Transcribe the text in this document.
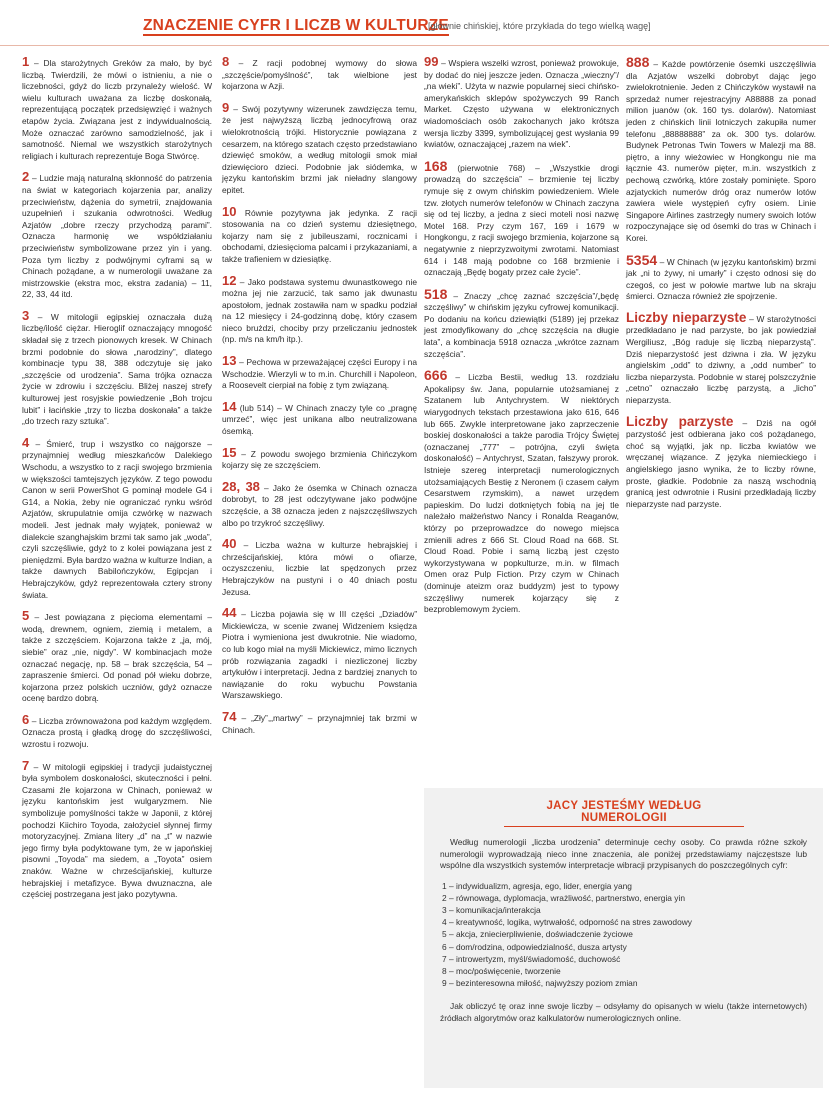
ZNACZENIE CYFR I LICZB W KULTURZE
[głównie chińskiej, które przykłada do tego wielką wagę]

1 – Dla starożytnych Greków za mało, by być liczbą. Twierdzili, że mówi o istnieniu, a nie o liczebności, gdyż do liczb przynależy wielość. W wielu kulturach uważana za liczbę doskonałą, reprezentującą początek przedsięwzięć i ważnych etapów życia. Związana jest z indywidualnością. Może oznaczać zarówno samodzielność, jak i samotność. Niemal we wszystkich starożytnych religiach i kulturach reprezentuje Boga Stwórcę.

2 – Ludzie mają naturalną skłonność do patrzenia na świat w kategoriach kojarzenia par, analizy przeciwieństw, dążenia do symetrii, znajdowania uzupełnień i szukania odwrotności. Według Azjatów „dobre rzeczy przychodzą parami”. Oznacza harmonię we współdziałaniu przeciwieństw symbolizowane przez yin i yang. Poza tym liczby z podwójnymi cyframi są w Chinach pożądane, a w numerologii uważane za mistrzowskie (ekstra moc, ekstra zadania) – 11, 22, 33, 44 itd.

3 – W mitologii egipskiej oznaczała dużą liczbę/ilość ciężar. Hieroglif oznaczający mnogość składał się z trzech pionowych kresek. W Chinach brzmi podobnie do słowa „narodziny”, dlatego kombinacje typu 38, 388 odczytuje się jako „szczęście od urodzenia”. Sama trójka oznacza życie w zdrowiu i szczęściu. Bliżej naszej strefy kulturowej jest rosyjskie powiedzenie „Boh trojcu lubit” i łacińskie „trzy to liczba doskonała” a także „do trzech razy sztuka”.

4 – Śmierć, trup i wszystko co najgorsze – przynajmniej według mieszkańców Dalekiego Wschodu, a wszystko to z racji swojego brzmienia w większości tamtejszych języków. Z tego powodu Canon w serii PowerShot G pominął modele G4 i G14, a Nokia, żeby nie ograniczać rynku wśród Azjatów, skrupulatnie omija czwórkę w nazwach modeli. Jest jednak mały wyjątek, ponieważ w dialekcie szanghajskim brzmi tak samo jak „woda”, czyli szczęśliwie, gdyż to z kolei powiązana jest z pieniędzmi. Była bardzo ważna w kulturze Indian, a także dawnych Babilończyków, Egipcjan i Hebrajczyków, gdyż reprezentowała cztery strony świata.

5 – Jest powiązana z pięcioma elementami – wodą, drewnem, ogniem, ziemią i metalem, a także z szczęściem. Kojarzona także z „ja, mój, siebie” oraz „nie, nigdy”. W kombinacjach może oznaczać negację, np. 58 – brak szczęścia, 54 – zapraszenie śmierci. Od ponad pół wieku dobrze, kojarzona przez polskich uczniów, gdyż oznacze ocenę bardzo dobrą.

6 – Liczba zrównoważona pod każdym względem. Oznacza prostą i gładką drogę do szczęśliwości, wzrostu i rozwoju.

7 – W mitologii egipskiej i tradycji judaistycznej była symbolem doskonałości, skuteczności i pełni. Czasami źle kojarzona w Chinach, ponieważ w języku kantońskim jest wulgaryzmem. Nie symbolizuje pomyślności także w Japonii, z której pochodzi Kiichiro Toyoda, założyciel słynnej firmy motoryzacyjnej. Zmiana litery „d” na „t” w nazwie jego firmy była podyktowane tym, że w japońskiej pisowni „Toyoda” ma siedem, a „Toyota” osiem znaków. Ważne w chrześcijańskiej, kulturze hebrajskiej i metafizyce. Bywa dwuznaczna, ale częściej postrzegana jest jako pozytywna.

8 – Z racji podobnej wymowy do słowa „szczęście/pomyślność”, tak wielbione jest kojarzona w Azji.

9 – Swój pozytywny wizerunek zawdzięcza temu, że jest najwyższą liczbą jednocyfrową oraz wielokrotnością trójki. Historycznie powiązana z cesarzem, na którego szatach często przedstawiano dziewięć smoków, a według mitologii smok miał dziewięcioro dzieci. Podobnie jak siódemka, w języku kantońskim brzmi jak nieładny slangowy epitet.

10 Równie pozytywna jak jedynka. Z racji stosowania na co dzień systemu dziesiętnego, kojarzy nam się z jubileuszami, rocznicami i obchodami, dziesięcioma palcami i przykazaniami, a także trafieniem w dziesiątkę.

12 – Jako podstawa systemu dwunastkowego nie można jej nie zarzucić, tak samo jak dwunastu apostołom, jednak zostawiła nam w spadku podział na 12 miesięcy i 24-godzinną dobę, który czasem nieco brużdzi, chociby przy przeliczaniu jednostek (np. m/s na km/h itp.).

13 – Pechowa w przeważającej części Europy i na Wschodzie. Wierzyli w to m.in. Churchill i Napoleon, a Roosevelt cierpiał na fobię z tym związaną.

14 (lub 514) – W Chinach znaczy tyle co „pragnę umrzeć”, więc jest unikana albo neutralizowana ósemką.

15 – Z powodu swojego brzmienia Chińczykom kojarzy się ze szczęściem.

28, 38 – Jako że ósemka w Chinach oznacza dobrobyt, to 28 jest odczytywane jako podwójne szczęście, a 38 oznacza jeden z najszczęśliwszych albo po trzykroć szczęśliwy.

40 – Liczba ważna w kulturze hebrajskiej i chrześcijańskiej, która mówi o ofiarze, oczyszczeniu, liczbie lat spędzonych przez Hebrajczyków na pustyni i o 40 dniach postu Jezusa.

44 – Liczba pojawia się w III części „Dziadów” Mickiewicza, w scenie zwanej Widzeniem księdza Piotra i wymieniona jest dwukrotnie. Nie wiadomo, co lub kogo miał na myśli Mickiewicz, mimo licznych prób rozwiązania zagadki i niezliczonej liczby artykułów i interpretacji. Jedna z bardziej znanych to nawiązanie do roku wybuchu Powstania Warszawskiego.

74 – „Zły”,„martwy” – przynajmniej tak brzmi w Chinach.

99 – Wspiera wszelki wzrost, ponieważ prowokuje, by dodać do niej jeszcze jeden. Oznacza „wieczny”/„na wieki”. Użyta w nazwie popularnej sieci chińsko-amerykańskich sklepów spożywczych 99 Ranch Market. Często używana w elektronicznych wiadomościach osób zakochanych jako krótsza wersja liczby 3399, symbolizującej gest wysłania 99 kwiatów, oznaczającej „razem na wiek”.

168 (pierwotnie 768) – „Wszystkie drogi prowadzą do szczęścia” – brzmienie tej liczby rymuje się z owym chińskim powiedzeniem. Wiele tzw. złotych numerów telefonów w Chinach zaczyna się od tej liczby, a jedna z sieci moteli nosi nazwę Motel 168. Przy czym 167, 169 i 1679 w Hongkongu, z racji swojego brzmienia, kojarzone są negatywnie z nieprzyzwoitymi zwrotami. Natomiast 614 i 148 mają podobne co 168 brzmienie i oznaczają „Będę bogaty przez całe życie”.

518 – Znaczy „chcę zaznać szczęścia”/„będę szczęśliwy” w chińskim języku cyfrowej komunikacji. Po dodaniu na końcu dziewiątki (5189) jej przekaz jest zmodyfikowany do „chcę szczęścia na długie lata”, a kombinacja 5918 oznacza „wkrótce zaznam szczęścia”.

666 – Liczba Bestii, według 13. rozdziału Apokalipsy św. Jana, popularnie utożsamianej z Szatanem lub Antychrystem. W niektórych wiarygodnych tekstach przestawiona jako 616, 646 lub 665. Zwykle interpretowane jako zaprzeczenie boskiej doskonałości a także parodia Trójcy Świętej (oznaczanej „777” – potrójna, czyli święta doskonałość) – Antychryst, Szatan, fałszywy prorok. Istnieje szereg interpretacji numerologicznych utożsamiających Bestię z Neronem (i czasem całym Cesarstwem rzymskim), a nawet urzędem papieskim. Do ludzi dotkniętych fobią na jej tle należało małżeństwo Nancy i Ronalda Reaganów, którzy po przeprowadzce do nowego miejsca zmienili adres z 666 St. Cloud Road na 668. St. Cloud Road. Pobie i samą liczbą jest często wykorzystywana w popkulturze, m.in. w filmach Omen oraz Pulp Fiction. Przy czym w Chinach (dominuje ateizm oraz buddyzm) jest to typowy szczęśliwy numerek kojarzący się z bezproblemowym życiem.

888 – Każde powtórzenie ósemki uszczęśliwia dla Azjatów wszelki dobrobyt dając jego zwielokrotnienie. Jeden z Chińczyków wystawił na sprzedaż numer rejestracyjny A88888 za ponad milion juanów (ok. 160 tys. dolarów). Natomiast jeden z chińskich linii lotniczych zakupiła numer telefonu „88888888” za ok. 300 tys. dolarów. Budynek Petronas Twin Towers w Malezji ma 88. piętro, a inny wieżowiec w Hongkongu nie ma łącznie 43. numerów pięter, m.in. wszystkich z pechową czwórką, które zostały pominięte. Sporo azjatyckich numerów dróg oraz numerów lotów zawiera wiele występień cyfry osiem. Linie Singapore Airlines zastrzegły numery swoich lotów rozpoczynające się od ósemki do tras w Chinach i Korei.

5354 – W Chinach (w języku kantońskim) brzmi jak „ni to żywy, ni umarły” i często odnosi się do czegoś, co jest w połowie martwe lub na skraju śmierci. Oznacza również złe spojrzenie.

Liczby nieparzyste – W starożytności przedkładano je nad parzyste, bo jak powiedział Wergiliusz, „Bóg raduje się liczbą nieparzystą”. Dziś nieparzystość jest dziwna i zła. W języku angielskim „odd” to dziwny, a „odd number” to liczba nieparzysta. Podobnie w starej polszczyźnie „cetno” oznaczało liczbę parzystą, a „licho” nieparzysta.

Liczby parzyste – Dziś na ogół parzystość jest odbierana jako coś pożądanego, choć są wyjątki, jak np. liczba kwiatów we wręczanej wiązance. Z języka niemieckiego i angielskiego jasno wynika, że to liczby równe, proste, gładkie. Podobnie za naszą wschodnią granicą jest odwrotnie i Rusini przedkładają liczby nieparzyste nad parzyste.

JACY JESTEŚMY WEDŁUG NUMEROLOGII

Według numerologii „liczba urodzenia” determinuje cechy osoby. Co prawda różne szkoły numerologii wyprowadzają nieco inne znaczenia, ale poniżej przedstawiamy najczęstsze lub wspólne dla wszystkich systemów interpretacje wibracji przypisanych do poszczególnych cyfr:

1 – indywidualizm, agresja, ego, lider, energia yang
2 – równowaga, dyplomacja, wrażliwość, partnerstwo, energia yin
3 – komunikacja/interakcja
4 – kreatywność, logika, wytrwałość, odporność na stres zawodowy
5 – akcja, zniecierpliwienie, doświadczenie życiowe
6 – dom/rodzina, odpowiedzialność, dusza artysty
7 – introwertyzm, myśl/świadomość, duchowość
8 – moc/poświęcenie, tworzenie
9 – bezinteresowna miłość, najwyższy poziom zmian

Jak obliczyć tę oraz inne swoje liczby – odsyłamy do opisanych w wielu (także internetowych) źródłach algorytmów oraz kalkulatorów numerologicznych online.
